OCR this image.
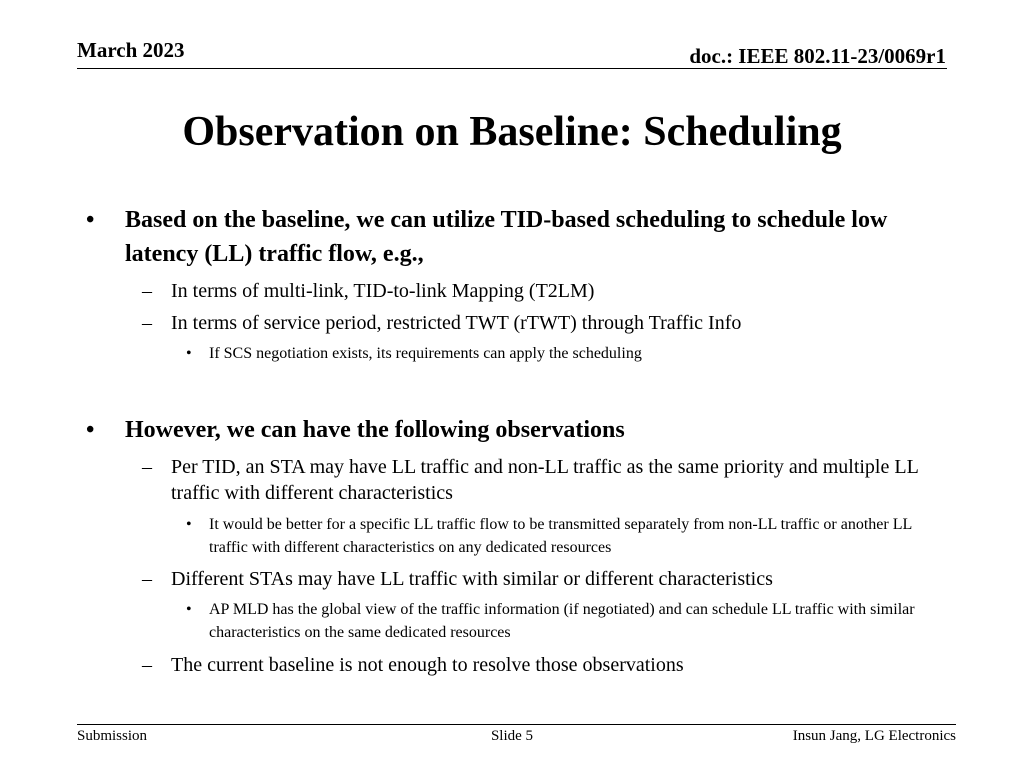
March 2023	doc.: IEEE 802.11-23/0069r1
Observation on Baseline: Scheduling
• Based on the baseline, we can utilize TID-based scheduling to schedule low latency (LL) traffic flow, e.g.,
– In terms of multi-link, TID-to-link Mapping (T2LM)
– In terms of service period, restricted TWT (rTWT) through Traffic Info
• If SCS negotiation exists, its requirements can apply the scheduling
• However, we can have the following observations
– Per TID, an STA may have LL traffic and non-LL traffic as the same priority and multiple LL traffic with different characteristics
• It would be better for a specific LL traffic flow to be transmitted separately from non-LL traffic or another LL traffic with different characteristics on any dedicated resources
– Different STAs may have LL traffic with similar or different characteristics
• AP MLD has the global view of the traffic information (if negotiated) and can schedule LL traffic with similar characteristics on the same dedicated resources
– The current baseline is not enough to resolve those observations
Submission	Slide 5	Insun Jang, LG Electronics
